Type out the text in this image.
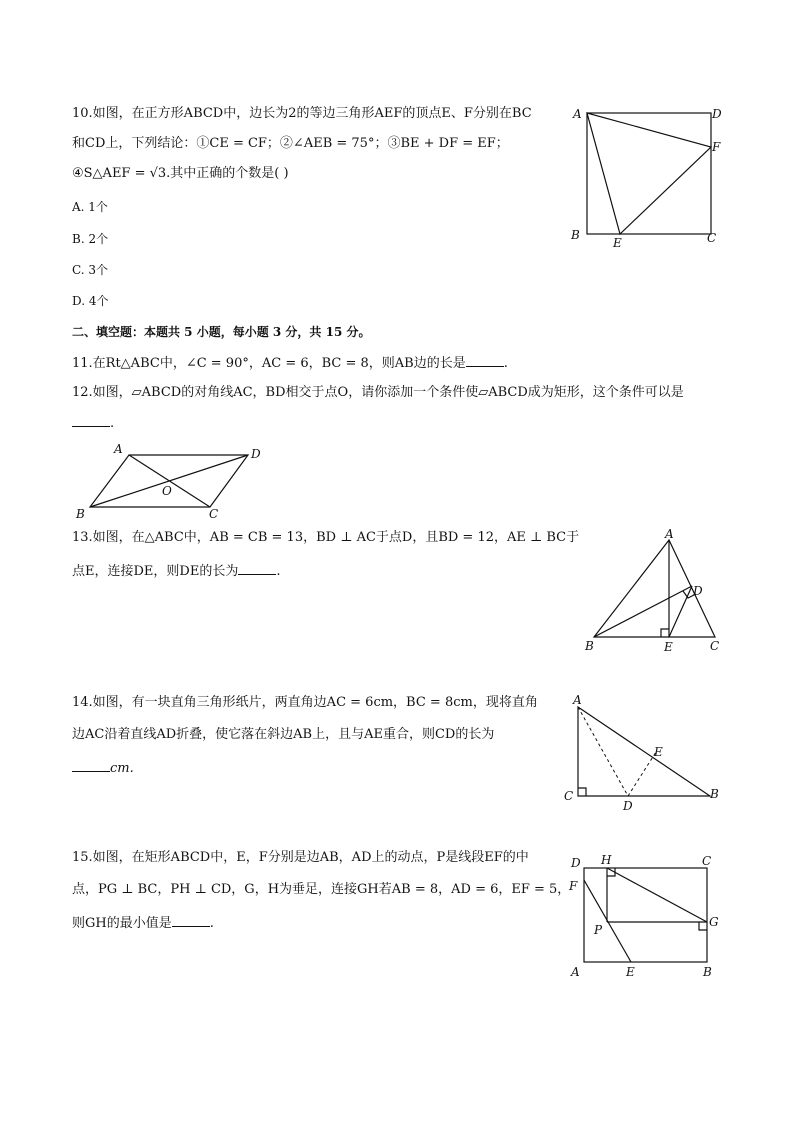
10.如图，在正方形ABCD中，边长为2的等边三角形AEF的顶点E、F分别在BC
和CD上，下列结论：①CE = CF；②∠AEB = 75°；③BE + DF = EF；
④S△AEF = √3.其中正确的个数是( )
A. 1个
B. 2个
C. 3个
D. 4个
A	D
F
B
E	C
二、填空题：本题共 5 小题，每小题 3 分，共 15 分。
11.在Rt△ABC中，∠C = 90°，AC = 6，BC = 8，则AB边的长是	.
12.如图，▱ABCD的对角线AC，BD相交于点O，请你添加一个条件使▱ABCD成为矩形，这个条件可以是
.
A	D
O
B	C
13.如图，在△ABC中，AB = CB = 13，BD ⊥ AC于点D，且BD = 12，AE ⊥ BC于
点E，连接DE，则DE的长为	.
A
D
B	E	C
14.如图，有一块直角三角形纸片，两直角边AC = 6cm，BC = 8cm，现将直角
边AC沿着直线AD折叠，使它落在斜边AB上，且与AE重合，则CD的长为
cm.
A
E
C
D
B
15.如图，在矩形ABCD中，E，F分别是边AB，AD上的动点，P是线段EF的中
点，PG ⊥ BC，PH ⊥ CD，G，H为垂足，连接GH若AB = 8，AD = 6，EF = 5，
则GH的最小值是	.
D H	C
F
G
P
A	E	B
